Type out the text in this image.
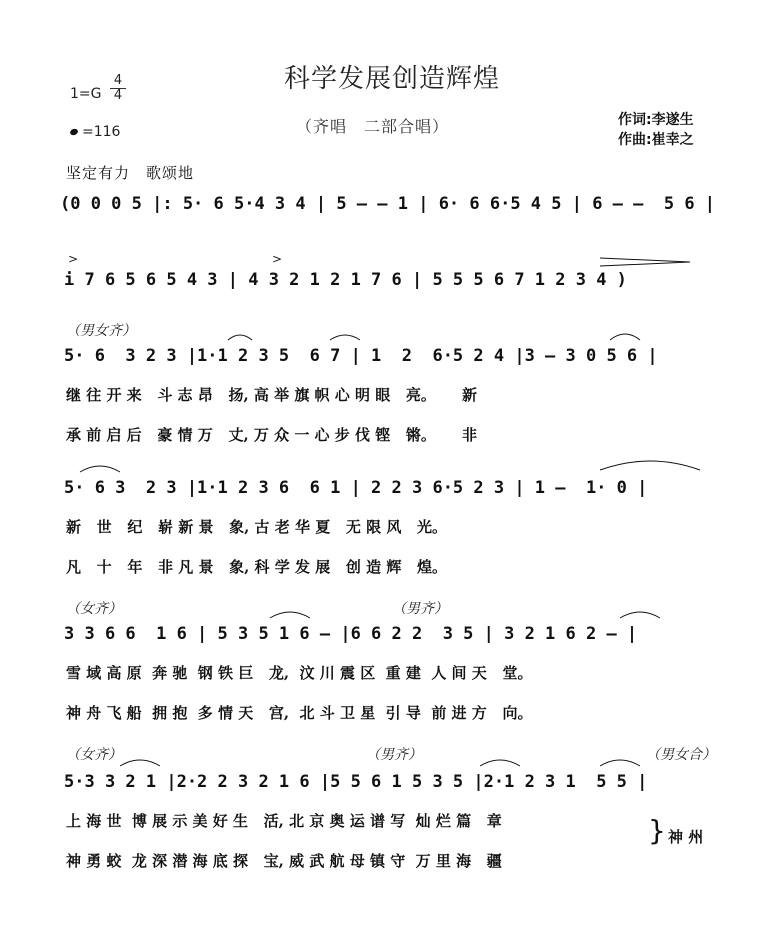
科学发展创造辉煌
（齐唱　二部合唱）	作词:李遂生
作曲:崔幸之
$1=G \frac{4}{4}$
=116
坚定有力　歌颂地
(0 0 0 5 |: 5· 6 5·4 3 4 | 5 – – 1 | 6· 6 6·5 4 5 | 6 – –  5 6 |
>	>
i 7 6 5 6 5 4 3 | 4 3 2 1 2 1 7 6 | 5 5 5 6 7 1 2 3 4 )
（男女齐）
5· 6  3 2 3 |1·1 2 3 5  6 7 | 1  2  6·5 2 4 |3 – 3 0 5 6 |
继 往 开 来   斗 志 昂   扬, 高 举 旗 帜 心 明 眼   亮。     新
承 前 启 后   豪 情 万   丈, 万 众 一 心 步 伐 铿   锵。     非
5· 6 3  2 3 |1·1 2 3 6  6 1 | 2 2 3 6·5 2 3 | 1 –  1· 0 |
新   世   纪   崭 新 景   象, 古 老 华 夏   无 限 风   光。
凡   十   年   非 凡 景   象, 科 学 发 展   创 造 辉   煌。
（女齐）	（男齐）
3 3 6 6  1 6 | 5 3 5 1 6 – |6 6 2 2  3 5 | 3 2 1 6 2 – |
雪 域 高 原  奔 驰  钢 铁 巨   龙,  汶 川 震 区  重 建  人 间 天   堂。
神 舟 飞 船  拥 抱  多 情 天   宫,  北 斗 卫 星  引 导  前 进 方   向。
（女齐）	（男齐）	（男女合）
5·3 3 2 1 |2·2 2 3 2 1 6 |5 5 6 1 5 3 5 |2·1 2 3 1  5 5 |
上 海 世  博 展 示 美 好 生   活, 北 京 奥 运 谱 写  灿 烂 篇   章
神 勇 蛟  龙 深 潜 海 底 探   宝, 威 武 航 母 镇 守  万 里 海   疆
} 神 州
